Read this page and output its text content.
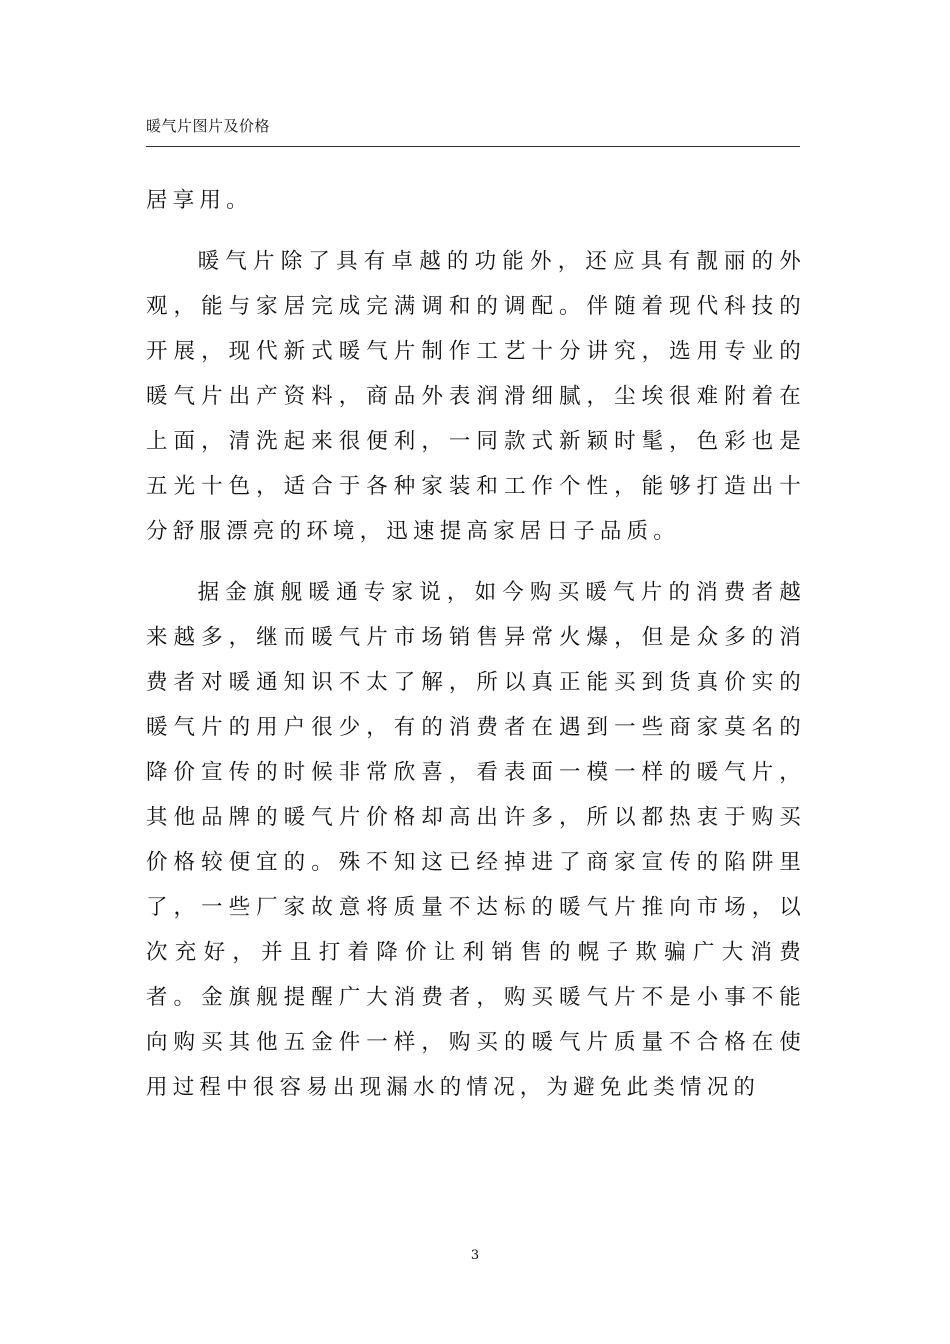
暖气片图片及价格

居享用。

暖气片除了具有卓越的功能外，还应具有靓丽的外观，能与家居完成完满调和的调配。伴随着现代科技的开展，现代新式暖气片制作工艺十分讲究，选用专业的暖气片出产资料，商品外表润滑细腻，尘埃很难附着在上面，清洗起来很便利，一同款式新颖时髦，色彩也是五光十色，适合于各种家装和工作个性，能够打造出十分舒服漂亮的环境，迅速提高家居日子品质。

据金旗舰暖通专家说，如今购买暖气片的消费者越来越多，继而暖气片市场销售异常火爆，但是众多的消费者对暖通知识不太了解，所以真正能买到货真价实的暖气片的用户很少，有的消费者在遇到一些商家莫名的降价宣传的时候非常欣喜，看表面一模一样的暖气片，其他品牌的暖气片价格却高出许多，所以都热衷于购买价格较便宜的。殊不知这已经掉进了商家宣传的陷阱里了，一些厂家故意将质量不达标的暖气片推向市场，以次充好，并且打着降价让利销售的幌子欺骗广大消费者。金旗舰提醒广大消费者，购买暖气片不是小事不能向购买其他五金件一样，购买的暖气片质量不合格在使用过程中很容易出现漏水的情况，为避免此类情况的

3
